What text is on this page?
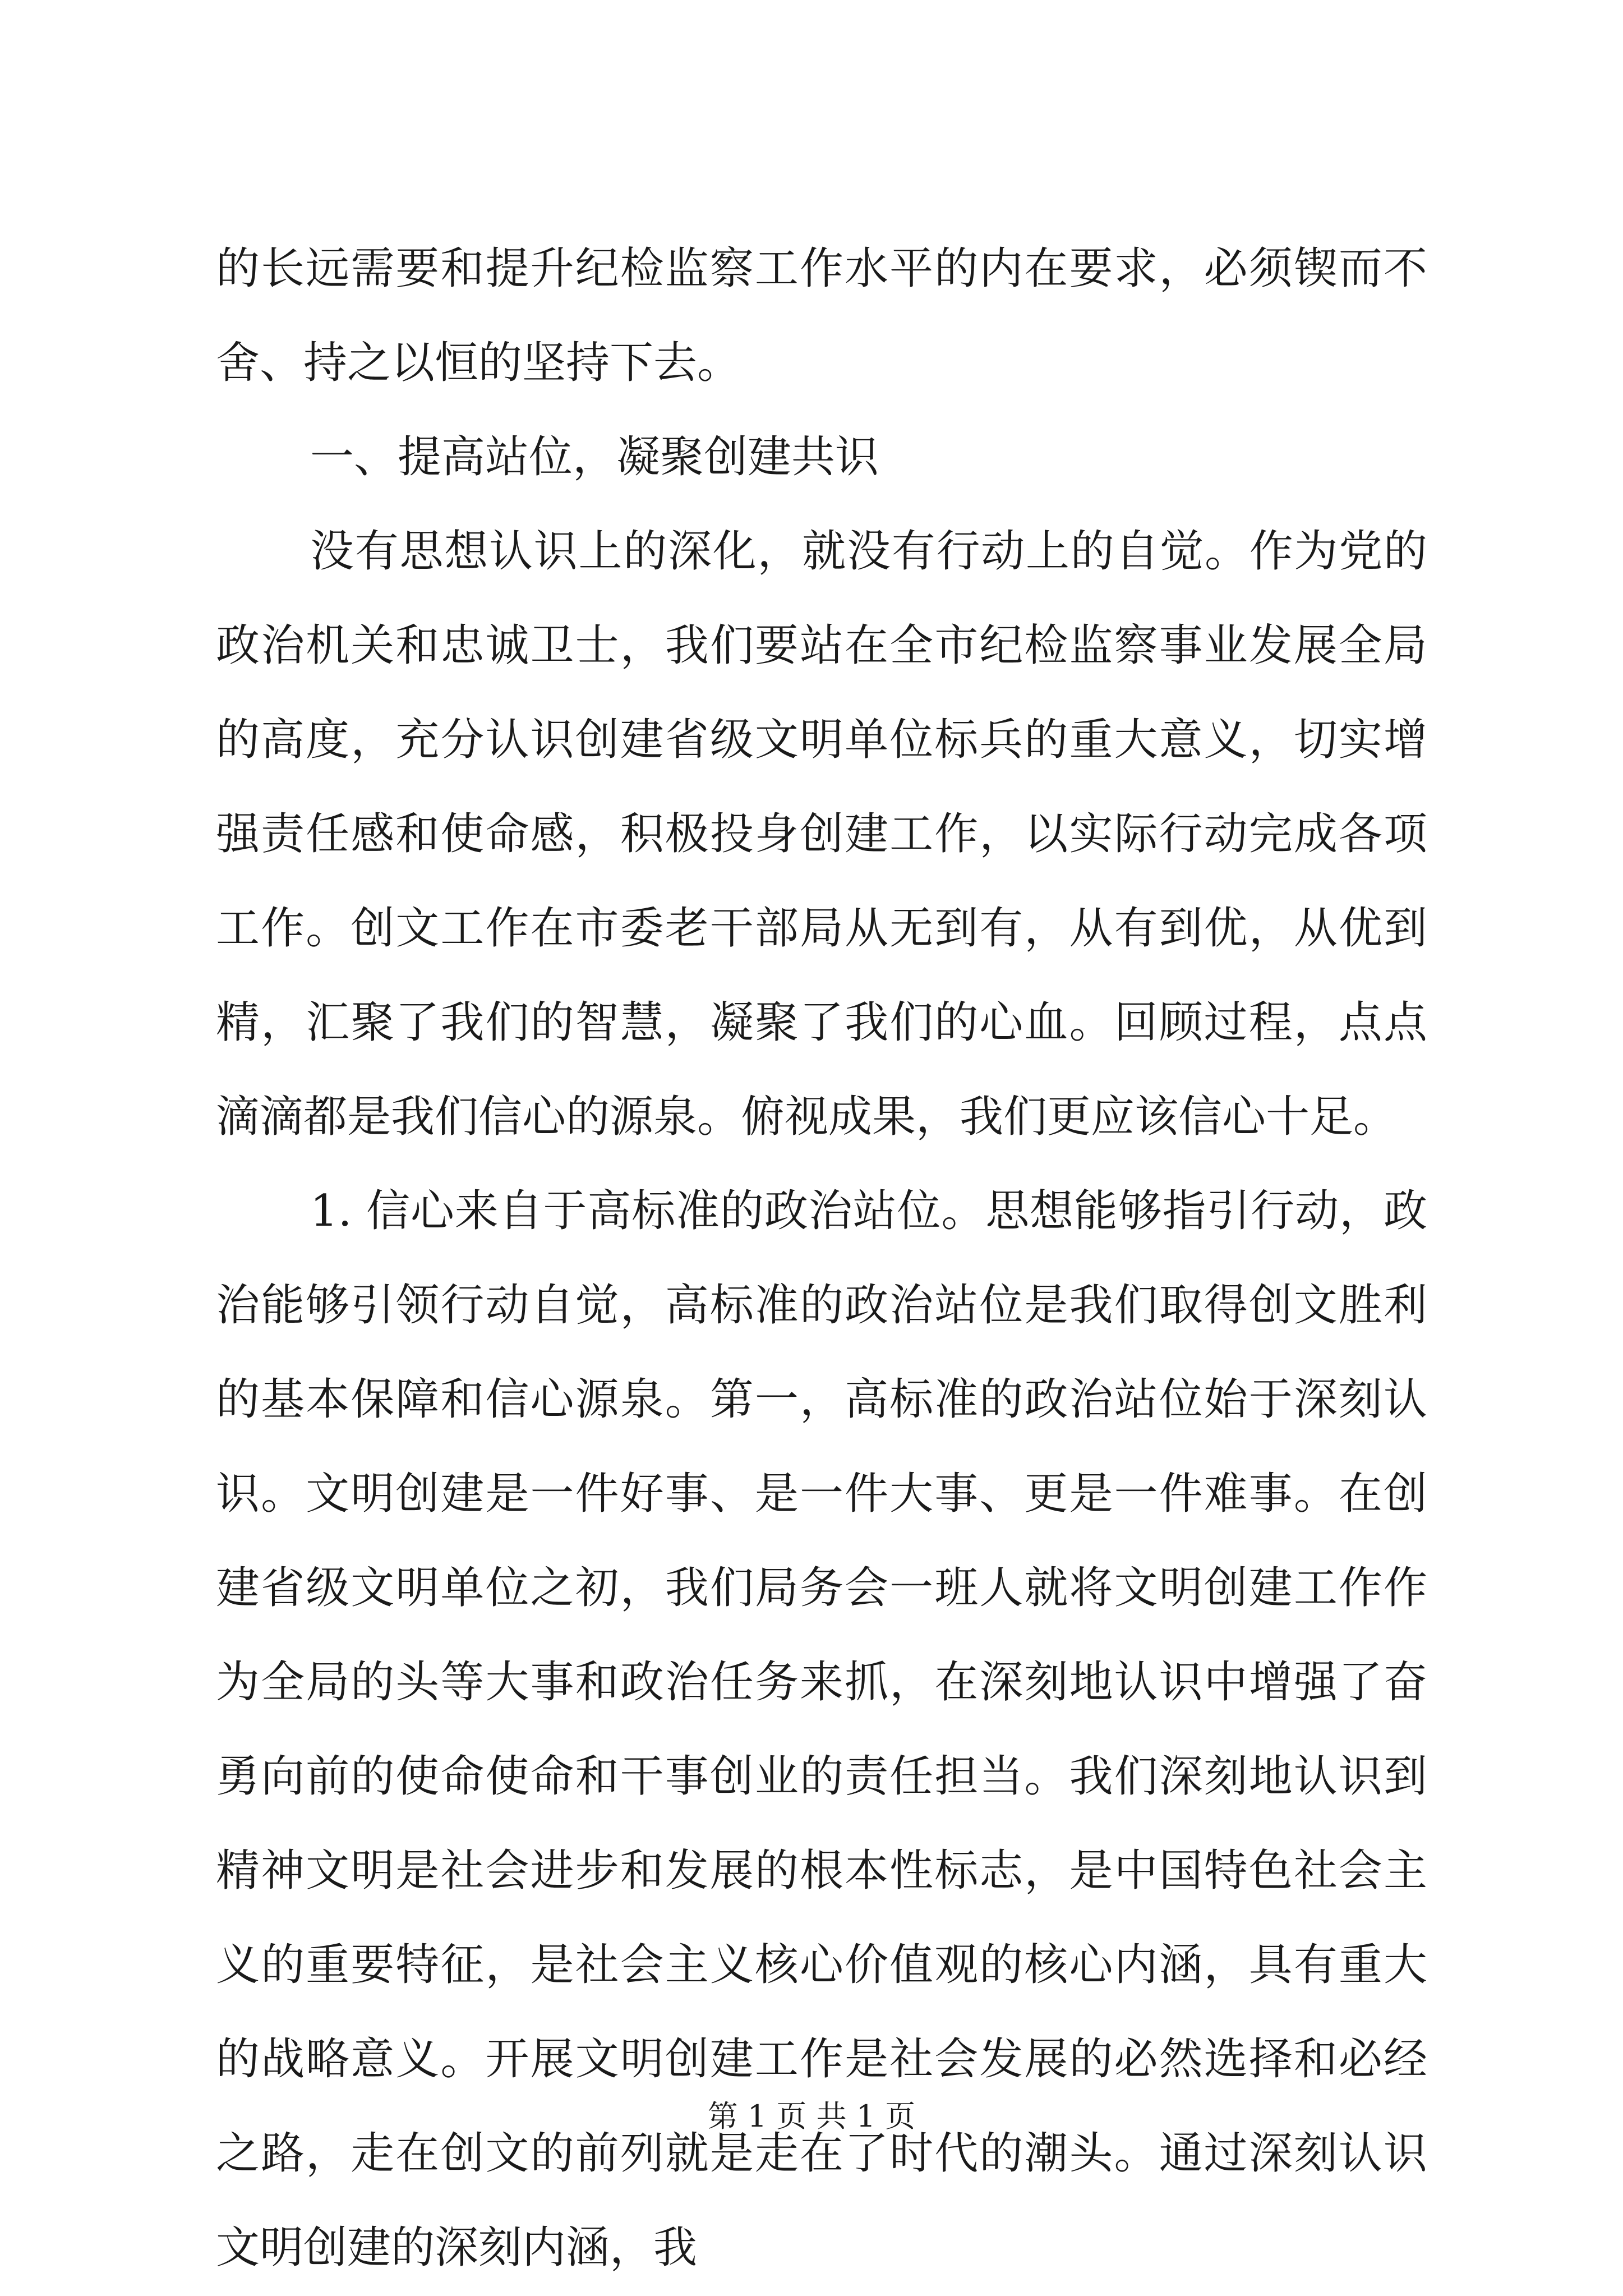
的长远需要和提升纪检监察工作水平的内在要求，必须锲而不舍、持之以恒的坚持下去。

一、提高站位，凝聚创建共识

没有思想认识上的深化，就没有行动上的自觉。作为党的政治机关和忠诚卫士，我们要站在全市纪检监察事业发展全局的高度，充分认识创建省级文明单位标兵的重大意义，切实增强责任感和使命感，积极投身创建工作，以实际行动完成各项工作。创文工作在市委老干部局从无到有，从有到优，从优到精，汇聚了我们的智慧，凝聚了我们的心血。回顾过程，点点滴滴都是我们信心的源泉。俯视成果，我们更应该信心十足。

1. 信心来自于高标准的政治站位。思想能够指引行动，政治能够引领行动自觉，高标准的政治站位是我们取得创文胜利的基本保障和信心源泉。第一，高标准的政治站位始于深刻认识。文明创建是一件好事、是一件大事、更是一件难事。在创建省级文明单位之初，我们局务会一班人就将文明创建工作作为全局的头等大事和政治任务来抓，在深刻地认识中增强了奋勇向前的使命使命和干事创业的责任担当。我们深刻地认识到精神文明是社会进步和发展的根本性标志，是中国特色社会主义的重要特征，是社会主义核心价值观的核心内涵，具有重大的战略意义。开展文明创建工作是社会发展的必然选择和必经之路，走在创文的前列就是走在了时代的潮头。通过深刻认识文明创建的深刻内涵，我

第 1 页 共 1 页
